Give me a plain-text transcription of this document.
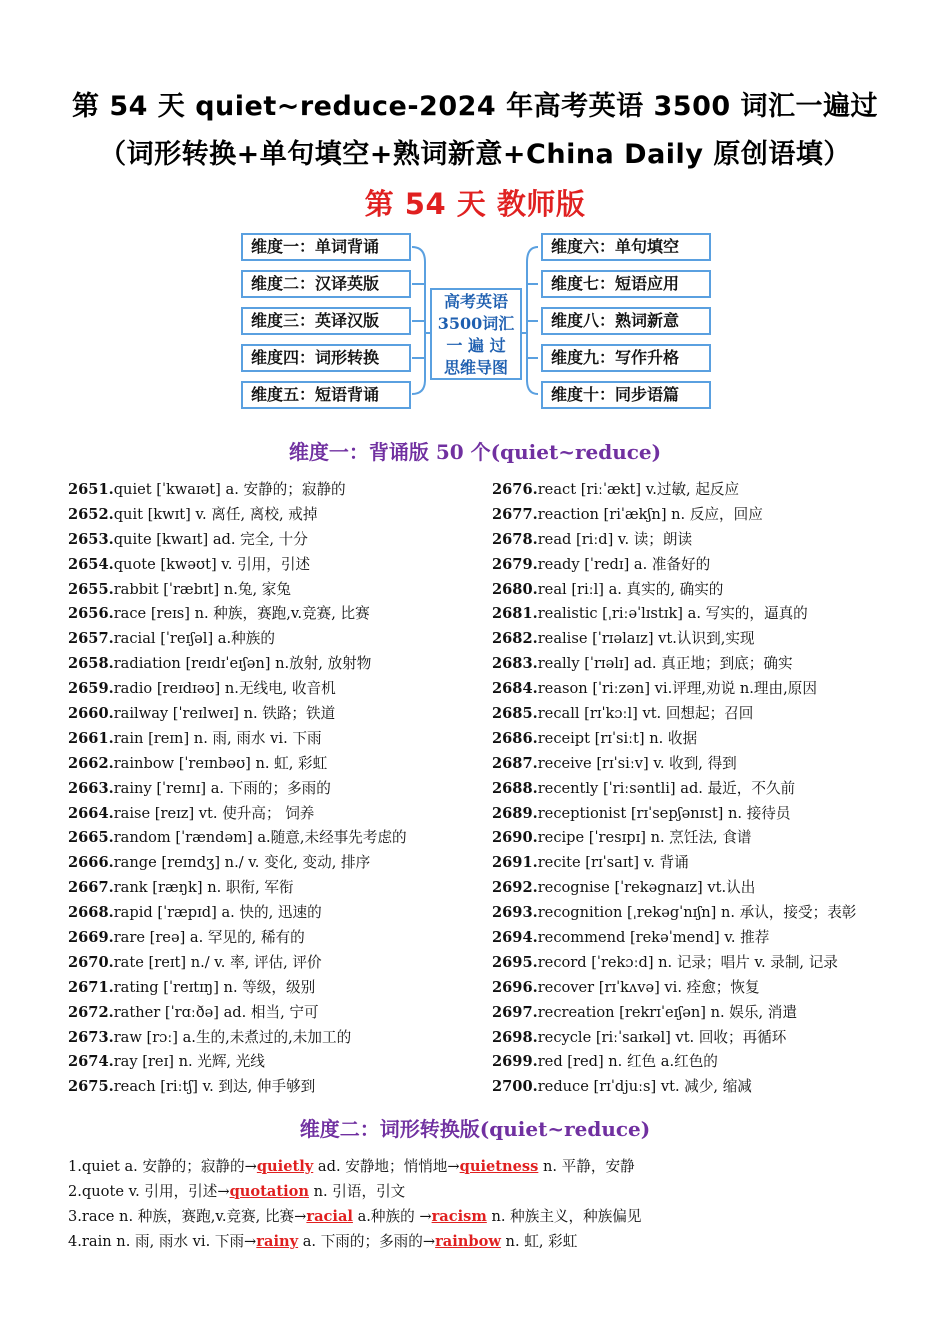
第 54 天 quiet~reduce-2024 年高考英语 3500 词汇一遍过
（词形转换+单句填空+熟词新意+China Daily 原创语填）
第 54 天 教师版
维度一：单词背诵
维度二：汉译英版
维度三：英译汉版
维度四：词形转换
维度五：短语背诵
高考英语
3500词汇
一 遍 过
思维导图
维度六：单句填空
维度七：短语应用
维度八：熟词新意
维度九：写作升格
维度十：同步语篇
维度一：背诵版 50 个(quiet~reduce)
2651.quiet [ˈkwaɪət] a. 安静的；寂静的
2652.quit [kwɪt] v. 离任, 离校, 戒掉
2653.quite [kwaɪt] ad. 完全, 十分
2654.quote [kwəʊt] v. 引用，引述
2655.rabbit [ˈræbɪt] n.兔, 家兔
2656.race [reɪs] n. 种族，赛跑,v.竞赛, 比赛
2657.racial [ˈreɪʃəl] a.种族的
2658.radiation [reɪdɪˈeɪʃən] n.放射, 放射物
2659.radio [reɪdɪəʊ] n.无线电, 收音机
2660.railway [ˈreɪlweɪ] n. 铁路；铁道
2661.rain [reɪn] n. 雨, 雨水 vi. 下雨
2662.rainbow [ˈreɪnbəʊ] n. 虹, 彩虹
2663.rainy [ˈreɪnɪ] a. 下雨的；多雨的
2664.raise [reɪz] vt. 使升高； 饲养
2665.random [ˈrændəm] a.随意,未经事先考虑的
2666.range [reɪndʒ] n./ v. 变化, 变动, 排序
2667.rank [ræŋk] n. 职衔, 军衔
2668.rapid [ˈræpɪd] a. 快的, 迅速的
2669.rare [reə] a. 罕见的, 稀有的
2670.rate [reɪt] n./ v. 率, 评估, 评价
2671.rating [ˈreɪtɪŋ] n. 等级，级别
2672.rather [ˈrɑːðə] ad. 相当, 宁可
2673.raw [rɔː] a.生的,未煮过的,未加工的
2674.ray [reɪ] n. 光辉, 光线
2675.reach [riːtʃ] v. 到达, 伸手够到
2676.react [riːˈækt] v.过敏, 起反应
2677.reaction [riˈækʃn] n. 反应，回应
2678.read [riːd] v. 读；朗读
2679.ready [ˈredɪ] a. 准备好的
2680.real [riːl] a. 真实的, 确实的
2681.realistic [ˌriːəˈlɪstɪk] a. 写实的，逼真的
2682.realise [ˈrɪəlaɪz] vt.认识到,实现
2683.really [ˈrɪəlɪ] ad. 真正地；到底；确实
2684.reason [ˈriːzən] vi.评理,劝说 n.理由,原因
2685.recall [rɪˈkɔːl] vt. 回想起；召回
2686.receipt [rɪˈsiːt] n. 收据
2687.receive [rɪˈsiːv] v. 收到, 得到
2688.recently [ˈriːsəntli] ad. 最近，不久前
2689.receptionist [rɪˈsepʃənɪst] n. 接待员
2690.recipe [ˈresɪpɪ] n. 烹饪法, 食谱
2691.recite [rɪˈsaɪt] v. 背诵
2692.recognise [ˈrekəgnaɪz] vt.认出
2693.recognition [ˌrekəgˈnɪʃn] n. 承认，接受；表彰
2694.recommend [rekəˈmend] v. 推荐
2695.record [ˈrekɔːd] n. 记录；唱片 v. 录制, 记录
2696.recover [rɪˈkʌvə] vi. 痊愈；恢复
2697.recreation [rekrɪˈeɪʃən] n. 娱乐, 消遣
2698.recycle [riːˈsaɪkəl] vt. 回收；再循环
2699.red [red] n. 红色 a.红色的
2700.reduce [rɪˈdjuːs] vt. 减少, 缩减
维度二：词形转换版(quiet~reduce)
1.quiet a. 安静的；寂静的→quietly ad. 安静地；悄悄地→quietness n. 平静，安静
2.quote v. 引用，引述→quotation n. 引语，引文
3.race n. 种族，赛跑,v.竞赛, 比赛→racial a.种族的 →racism n. 种族主义，种族偏见
4.rain n. 雨, 雨水 vi. 下雨→rainy a. 下雨的；多雨的→rainbow n. 虹, 彩虹
